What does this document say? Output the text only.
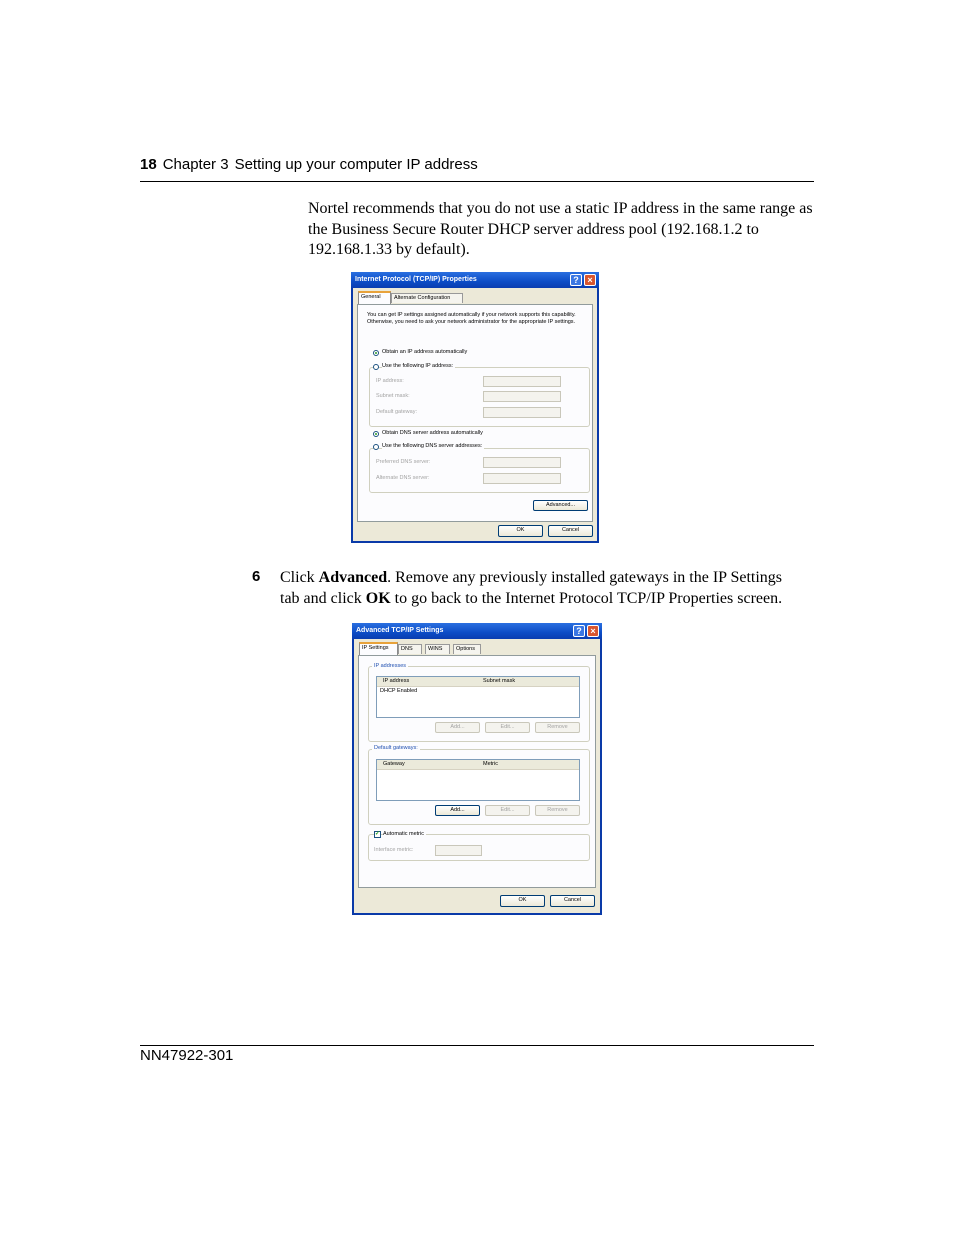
18 Chapter 3 Setting up your computer IP address
Nortel recommends that you do not use a static IP address in the same range as the Business Secure Router DHCP server address pool (192.168.1.2 to 192.168.1.33 by default).
Internet Protocol (TCP/IP) Properties	? ×
General	Alternate Configuration
You can get IP settings assigned automatically if your network supports this capability. Otherwise, you need to ask your network administrator for the appropriate IP settings.
Obtain an IP address automatically
Use the following IP address:
IP address:
Subnet mask:
Default gateway:
Obtain DNS server address automatically
Use the following DNS server addresses:
Preferred DNS server:
Alternate DNS server:
Advanced...
OK	Cancel
6 Click Advanced. Remove any previously installed gateways in the IP Settings
tab and click OK to go back to the Internet Protocol TCP/IP Properties screen.
Advanced TCP/IP Settings	? ×
IP Settings	DNS	WINS	Options
IP addresses
IP address	Subnet mask
DHCP Enabled
Add...	Edit...	Remove
Default gateways:
Gateway	Metric
Add...	Edit...	Remove
✓ Automatic metric
Interface metric:
OK	Cancel
NN47922-301
